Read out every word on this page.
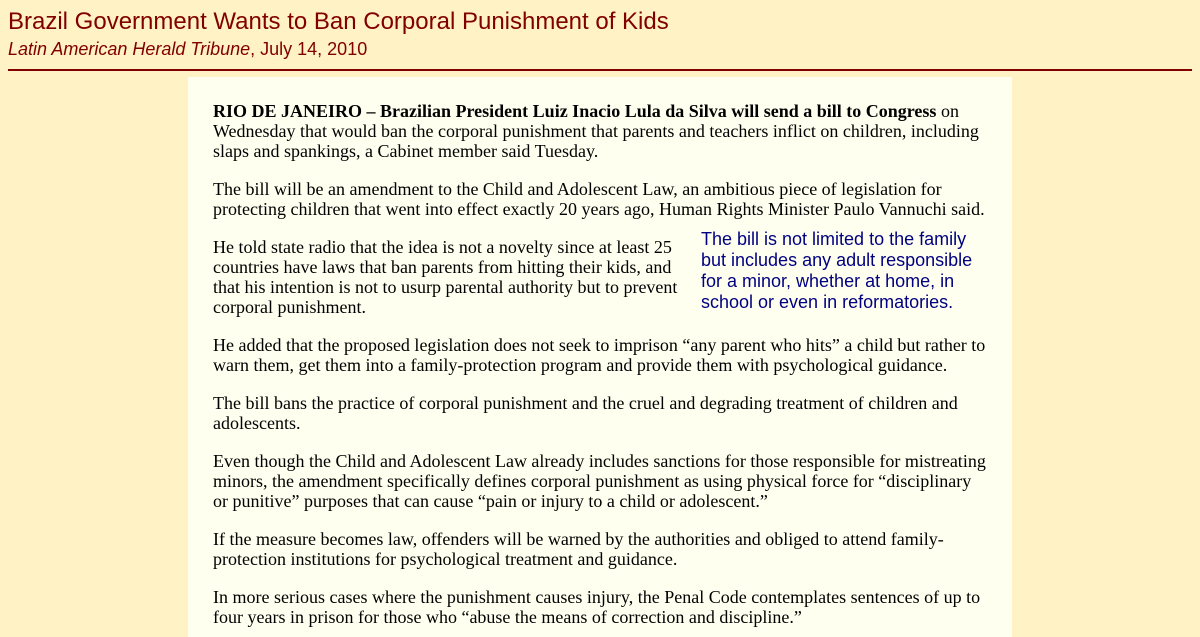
Brazil Government Wants to Ban Corporal Punishment of Kids
Latin American Herald Tribune, July 14, 2010

RIO DE JANEIRO – Brazilian President Luiz Inacio Lula da Silva will send a bill to Congress on Wednesday that would ban the corporal punishment that parents and teachers inflict on children, including slaps and spankings, a Cabinet member said Tuesday.

The bill will be an amendment to the Child and Adolescent Law, an ambitious piece of legislation for protecting children that went into effect exactly 20 years ago, Human Rights Minister Paulo Vannuchi said.

The bill is not limited to the family but includes any adult responsible for a minor, whether at home, in school or even in reformatories.

He told state radio that the idea is not a novelty since at least 25 countries have laws that ban parents from hitting their kids, and that his intention is not to usurp parental authority but to prevent corporal punishment.

He added that the proposed legislation does not seek to imprison “any parent who hits” a child but rather to warn them, get them into a family-protection program and provide them with psychological guidance.

The bill bans the practice of corporal punishment and the cruel and degrading treatment of children and adolescents.

Even though the Child and Adolescent Law already includes sanctions for those responsible for mistreating minors, the amendment specifically defines corporal punishment as using physical force for “disciplinary or punitive” purposes that can cause “pain or injury to a child or adolescent.”

If the measure becomes law, offenders will be warned by the authorities and obliged to attend family-protection institutions for psychological treatment and guidance.

In more serious cases where the punishment causes injury, the Penal Code contemplates sentences of up to four years in prison for those who “abuse the means of correction and discipline.”
